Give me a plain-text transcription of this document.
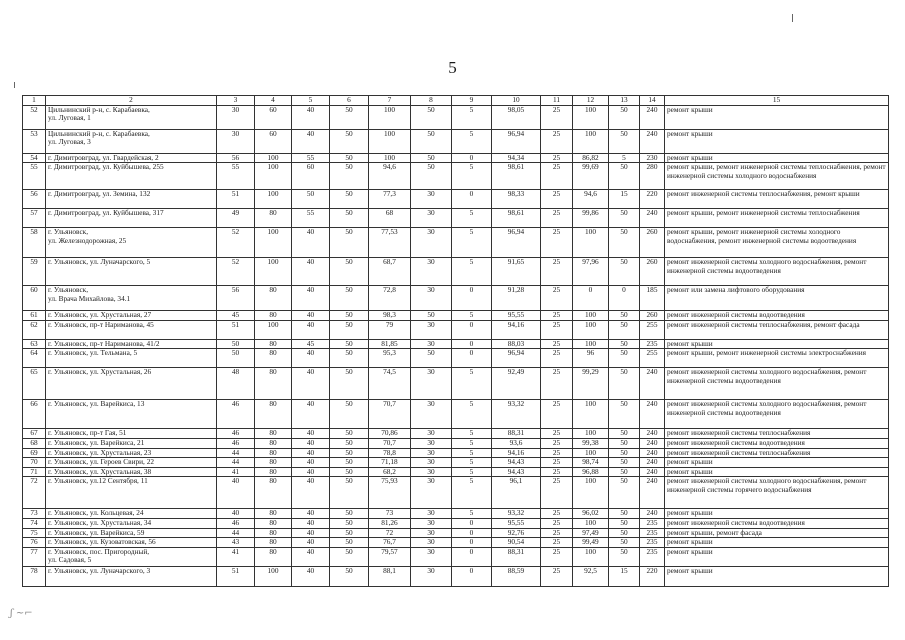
5
1	2	3	4	5	6	7	8	9	10	11	12	13	14	15
52	Цильнинский р-н, с. Карабаевка,
ул. Луговая, 1	30	60	40	50	100	50	5	98,05	25	100	50	240	ремонт крыши
53	Цильнинский р-н, с. Карабаевка,
ул. Луговая, 3	30	60	40	50	100	50	5	96,94	25	100	50	240	ремонт крыши
54	г. Димитровград, ул. Гвардейская, 2	56	100	55	50	100	50	0	94,34	25	86,82	5	230	ремонт крыши
55	г. Димитровград, ул. Куйбышева, 255	55	100	60	50	94,6	50	5	98,61	25	99,69	50	280	ремонт крыши, ремонт инженерной системы теплоснабжения, ремонт инженерной системы холодного водоснабжения
56	г. Димитровград, ул. Земина, 132	51	100	50	50	77,3	30	0	98,33	25	94,6	15	220	ремонт инженерной системы теплоснабжения, ремонт крыши
57	г. Димитровград, ул. Куйбышева, 317	49	80	55	50	68	30	5	98,61	25	99,86	50	240	ремонт крыши, ремонт инженерной системы теплоснабжения
58	г. Ульяновск,
ул. Железнодорожная, 25	52	100	40	50	77,53	30	5	96,94	25	100	50	260	ремонт крыши, ремонт инженерной системы холодного водоснабжения, ремонт инженерной системы водоотведения
59	г. Ульяновск, ул. Луначарского, 5	52	100	40	50	68,7	30	5	91,65	25	97,96	50	260	ремонт инженерной системы холодного водоснабжения, ремонт инженерной системы водоотведения
60	г. Ульяновск,
ул. Врача Михайлова, 34.1	56	80	40	50	72,8	30	0	91,28	25	0	0	185	ремонт или замена лифтового оборудования
61	г. Ульяновск, ул. Хрустальная, 27	45	80	40	50	98,3	50	5	95,55	25	100	50	260	ремонт инженерной системы водоотведения
62	г. Ульяновск, пр-т Нариманова, 45	51	100	40	50	79	30	0	94,16	25	100	50	255	ремонт инженерной системы теплоснабжения, ремонт фасада
63	г. Ульяновск, пр-т Нариманова, 41/2	50	80	45	50	81,85	30	0	88,03	25	100	50	235	ремонт крыши
64	г. Ульяновск, ул. Тельмана, 5	50	80	40	50	95,3	50	0	96,94	25	96	50	255	ремонт крыши, ремонт инженерной системы электроснабжения
65	г. Ульяновск, ул. Хрустальная, 26	48	80	40	50	74,5	30	5	92,49	25	99,29	50	240	ремонт инженерной системы холодного водоснабжения, ремонт инженерной системы водоотведения
66	г. Ульяновск, ул. Варейкиса, 13	46	80	40	50	70,7	30	5	93,32	25	100	50	240	ремонт инженерной системы холодного водоснабжения, ремонт инженерной системы водоотведения
67	г. Ульяновск, пр-т Гая, 51	46	80	40	50	70,86	30	5	88,31	25	100	50	240	ремонт инженерной системы теплоснабжения
68	г. Ульяновск, ул. Варейкиса, 21	46	80	40	50	70,7	30	5	93,6	25	99,38	50	240	ремонт инженерной системы водоотведения
69	г. Ульяновск, ул. Хрустальная, 23	44	80	40	50	78,8	30	5	94,16	25	100	50	240	ремонт инженерной системы теплоснабжения
70	г. Ульяновск, ул. Героев Свири, 22	44	80	40	50	71,18	30	5	94,43	25	98,74	50	240	ремонт крыши
71	г. Ульяновск, ул. Хрустальная, 38	41	80	40	50	68,2	30	5	94,43	25	96,88	50	240	ремонт крыши
72	г. Ульяновск, ул.12 Сентября, 11	40	80	40	50	75,93	30	5	96,1	25	100	50	240	ремонт инженерной системы холодного водоснабжения, ремонт инженерной системы горячего водоснабжения
73	г. Ульяновск, ул. Кольцевая, 24	40	80	40	50	73	30	5	93,32	25	96,02	50	240	ремонт крыши
74	г. Ульяновск, ул. Хрустальная, 34	46	80	40	50	81,26	30	0	95,55	25	100	50	235	ремонт инженерной системы водоотведения
75	г. Ульяновск, ул. Варейкиса, 59	44	80	40	50	72	30	0	92,76	25	97,49	50	235	ремонт крыши, ремонт фасада
76	г. Ульяновск, ул. Кузоватовская, 56	43	80	40	50	76,7	30	0	90,54	25	99,49	50	235	ремонт крыши
77	г. Ульяновск, пос. Пригородный,
ул. Садовая, 5	41	80	40	50	79,57	30	0	88,31	25	100	50	235	ремонт крыши
78	г. Ульяновск, ул. Луначарского, 3	51	100	40	50	88,1	30	0	88,59	25	92,5	15	220	ремонт крыши
ʃ ~⌐
